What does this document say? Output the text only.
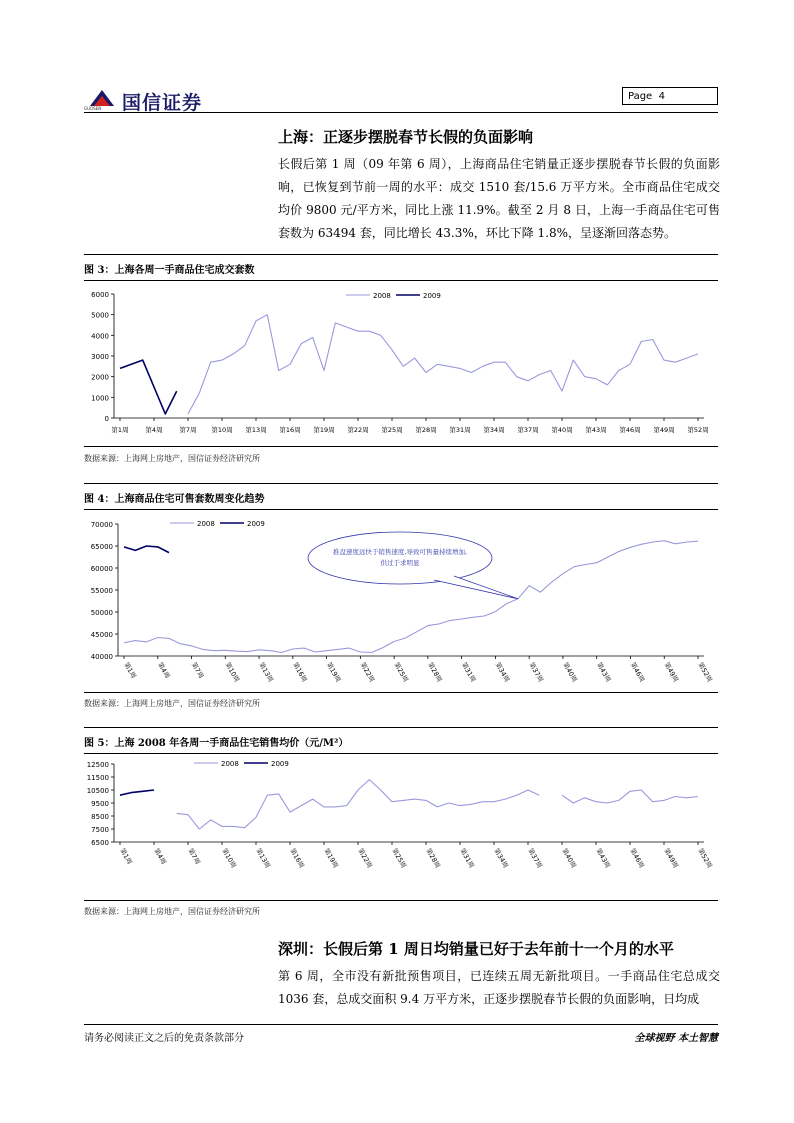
国信证券
GUOSEN
Page 4
上海：正逐步摆脱春节长假的负面影响
长假后第 1 周（09 年第 6 周），上海商品住宅销量正逐步摆脱春节长假的负面影响，已恢复到节前一周的水平：成交 1510 套/15.6 万平方米。全市商品住宅成交均价 9800 元/平方米，同比上涨 11.9%。截至 2 月 8 日，上海一手商品住宅可售套数为 63494 套，同比增长 43.3%，环比下降 1.8%，呈逐渐回落态势。
图 3：上海各周一手商品住宅成交套数
0
1000
2000
3000
4000
5000
6000
第1周	第4周	第7周 第10周 第13周 第16周 第19周 第22周 第25周 第28周 第31周 第34周 第37周 第40周 第43周 第46周 第49周 第52周
2008	2009
数据来源：上海网上房地产，国信证券经济研究所
图 4：上海商品住宅可售套数周变化趋势
40000
45000
50000
55000
60000
65000
70000
第1周	第4周	第7周	第10周 第13周 第16周 第19周 第22周 第25周 第28周 第31周 第34周 第37周 第40周 第43周 第46周 第49周 第52周
2008	2009
推盘速度远快于销售速度,导致可售量持续增加,
供过于求明显
数据来源：上海网上房地产，国信证券经济研究所
图 5：上海 2008 年各周一手商品住宅销售均价（元/M²）
6500
7500
8500
9500
10500
11500
12500
第1周	第4周	第7周	第10周	第13周	第16周	第19周	第22周	第25周	第28周	第31周	第34周	第37周	第40周	第43周	第46周	第49周	第52周
2008	2009
数据来源：上海网上房地产，国信证券经济研究所
深圳：长假后第 1 周日均销量已好于去年前十一个月的水平
第 6 周，全市没有新批预售项目，已连续五周无新批项目。一手商品住宅总成交 1036 套，总成交面积 9.4 万平方米，正逐步摆脱春节长假的负面影响，日均成
请务必阅读正文之后的免责条款部分	全球视野 本土智慧
